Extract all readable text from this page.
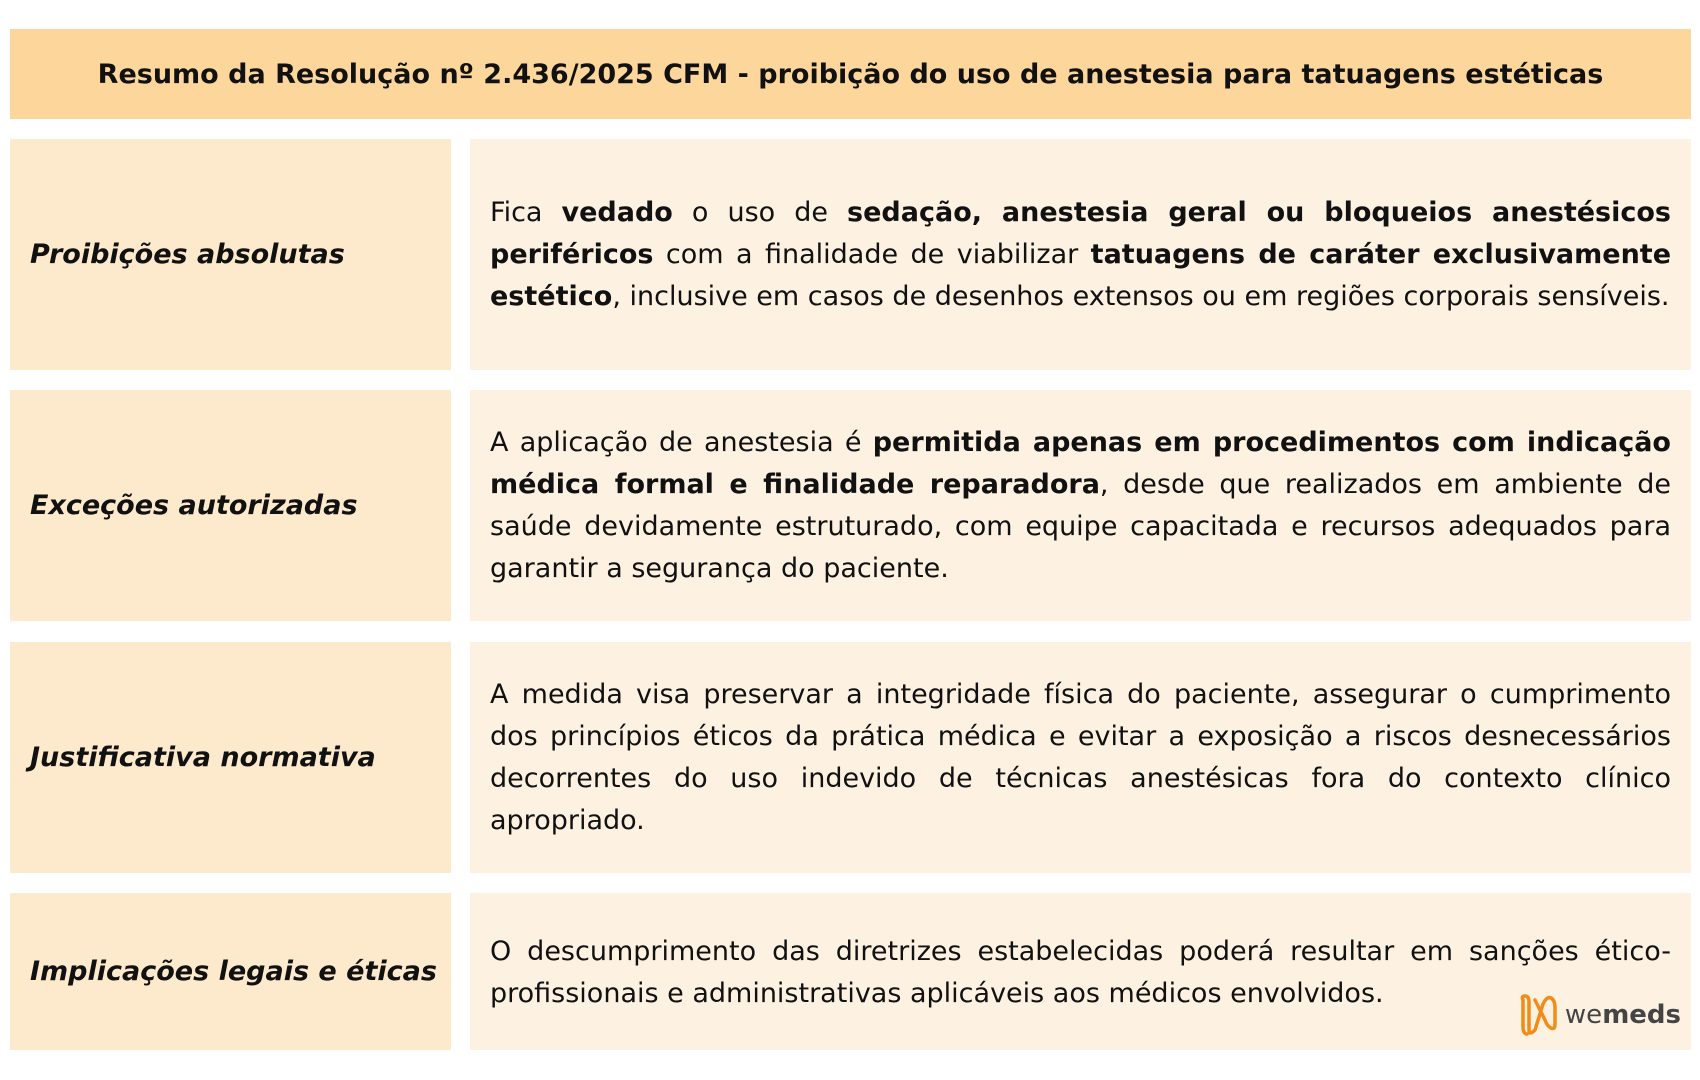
Resumo da Resolução nº 2.436/2025 CFM - proibição do uso de anestesia para tatuagens estéticas
Proibições absolutas

Fica vedado o uso de sedação, anestesia geral ou bloqueios anestésicos periféricos com a finalidade de viabilizar tatuagens de caráter exclusivamente estético, inclusive em casos de desenhos extensos ou em regiões corporais sensíveis.

Exceções autorizadas

A aplicação de anestesia é permitida apenas em procedimentos com indicação médica formal e finalidade reparadora, desde que realizados em ambiente de saúde devidamente estruturado, com equipe capacitada e recursos adequados para garantir a segurança do paciente.

Justificativa normativa

A medida visa preservar a integridade física do paciente, assegurar o cumprimento dos princípios éticos da prática médica e evitar a exposição a riscos desnecessários decorrentes do uso indevido de técnicas anestésicas fora do contexto clínico apropriado.

Implicações legais e éticas

O descumprimento das diretrizes estabelecidas poderá resultar em sanções ético-profissionais e administrativas aplicáveis aos médicos envolvidos.

wemeds
